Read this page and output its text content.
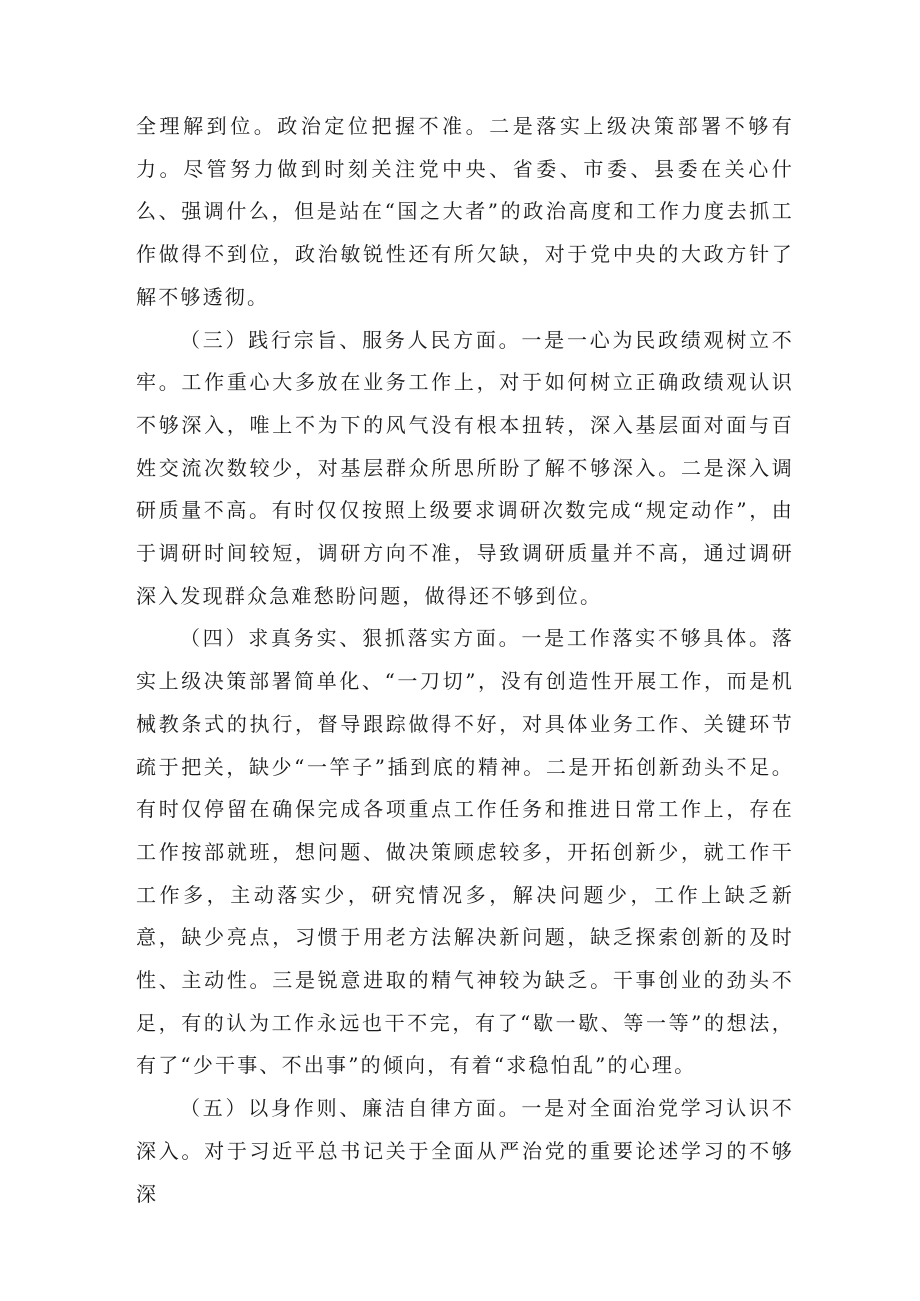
全理解到位。政治定位把握不准。二是落实上级决策部署不够有力。尽管努力做到时刻关注党中央、省委、市委、县委在关心什么、强调什么，但是站在“国之大者”的政治高度和工作力度去抓工作做得不到位，政治敏锐性还有所欠缺，对于党中央的大政方针了解不够透彻。

（三）践行宗旨、服务人民方面。一是一心为民政绩观树立不牢。工作重心大多放在业务工作上，对于如何树立正确政绩观认识不够深入，唯上不为下的风气没有根本扭转，深入基层面对面与百姓交流次数较少，对基层群众所思所盼了解不够深入。二是深入调研质量不高。有时仅仅按照上级要求调研次数完成“规定动作”，由于调研时间较短，调研方向不准，导致调研质量并不高，通过调研深入发现群众急难愁盼问题，做得还不够到位。

（四）求真务实、狠抓落实方面。一是工作落实不够具体。落实上级决策部署简单化、“一刀切”，没有创造性开展工作，而是机械教条式的执行，督导跟踪做得不好，对具体业务工作、关键环节疏于把关，缺少“一竿子”插到底的精神。二是开拓创新劲头不足。有时仅停留在确保完成各项重点工作任务和推进日常工作上，存在工作按部就班，想问题、做决策顾虑较多，开拓创新少，就工作干工作多，主动落实少，研究情况多，解决问题少，工作上缺乏新意，缺少亮点，习惯于用老方法解决新问题，缺乏探索创新的及时性、主动性。三是锐意进取的精气神较为缺乏。干事创业的劲头不足，有的认为工作永远也干不完，有了“歇一歇、等一等”的想法，有了“少干事、不出事”的倾向，有着“求稳怕乱”的心理。

（五）以身作则、廉洁自律方面。一是对全面治党学习认识不深入。对于习近平总书记关于全面从严治党的重要论述学习的不够深
